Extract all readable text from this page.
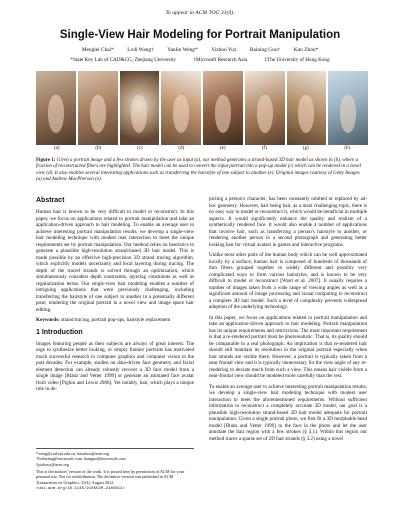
To appear in ACM TOG 31(4).
Single-View Hair Modeling for Portrait Manipulation
Menglei Chai* Lvdi Wang† Yanlin Weng* Yizhou Yu‡ Baining Guo† Kun Zhou*
*State Key Lab of CAD&CG, Zhejiang University	†Microsoft Research Asia	‡The University of Hong Kong
(a)	(b)	(c)	(d)	(e)	(f)	(g)	(h)
Figure 1: Given a portrait image and a few strokes drawn by the user as input (a), our method generates a strand-based 3D hair model as shown in (b), where a fraction of reconstructed fibers are highlighted. The hair model can be used to convert the input portrait into a pop-up model (c) which can be rendered in a novel view (d). It also enables several interesting applications such as transferring the hairstyle of one subject to another (e). Original images courtesy of Getty Images (a) and Andrew MacPherson (e).
Abstract
Human hair is known to be very difficult to model or reconstruct. In this paper, we focus on applications related to portrait manipulation and take an application-driven approach to hair modeling. To enable an average user to achieve interesting portrait manipulation results, we develop a single-view hair modeling technique with modest user interaction to meet the unique requirements set by portrait manipulation. Our method relies on heuristics to generate a plausible high-resolution strand-based 3D hair model. This is made possible by an effective high-precision 2D strand tracing algorithm, which explicitly models uncertainty and local layering during tracing. The depth of the traced strands is solved through an optimization, which simultaneously considers depth constraints, layering constraints as well as regularization terms. Our single-view hair modeling enables a number of intriguing applications that were previously challenging, including transferring the hairstyle of one subject to another in a potentially different pose, rendering the original portrait in a novel view and image space hair editing.
Keywords: strand tracing, portrait pop-ups, hairstyle replacement
1 Introduction
Images featuring people as their subjects are always of great interest. The urge to synthesize better looking, or simply funnier portraits has motivated much successful research in computer graphics and computer vision in the past decades. For example, studies on data-driven face geometry and facial element detection can already robustly recover a 3D face model from a single image [Blanz and Vetter 1999] or generate an animated face avatar from video [Pighin and Lewis 2006]. Yet notably, hair, which plays a unique role in de-
*weng@cad.zju.edu.cn, kunzhou@acm.org
†lvdiwang@microsoft.com, bainguo@microsoft.com
‡yizhouy@acm.org
This is the authors' version of the work. It is posted here by permission of ACM for your personal use. Not for redistribution. The definitive version was published in ACM Transactions on Graphics, 31(4), August 2012. <doi.acm.org/10.1145/2185520.2185612>
picting a person's character, has been constantly omitted or replaced by ad-hoc geometry. However, hair being hair, as a most challenging topic, there is no easy way to model or reconstruct it, which would be beneficial in multiple aspects. It would significantly enhance the quality and realism of a synthetically rendered face. It would also enable a number of applications that involve hair, such as transferring a person's hairstyle to another, or rendering another person in a second photograph and generating better looking hair for virtual avatars in games and interactive programs.
Unlike most other parts of the human body which can be well approximated locally by a surface, human hair is composed of hundreds of thousands of thin fibers grouped together in widely different and possibly very complicated ways to form various hairstyles, and is known to be very difficult to model or reconstruct [Ward et al. 2007]. It usually requires a number of images taken from a wide range of viewing angles as well as a significant amount of image processing and visual computing to reconstruct a complete 3D hair model. Such a level of complexity prevents widespread adoption of the underlying technology.
In this paper, we focus on applications related to portrait manipulation and take an application-driven approach to hair modeling. Portrait manipulation has its unique requirements and restrictions. The most important requirement is that a re-rendered portrait must be photorealistic. That is, its quality should be comparable to a real photograph. An implication is that re-rendered hair should still maintain its resolution in the original portrait especially when hair strands are visible there. However, a portrait is typically taken from a near frontal view and it is typically unnecessary for the view angle of any re-rendering to deviate much from such a view. This means hair visible from a near-frontal view should be modeled more carefully than the rest.
To enable an average user to achieve interesting portrait manipulation results, we develop a single-view hair modeling technique with modest user interaction to meet the aforementioned requirements. Without sufficient information to reconstruct a completely accurate 3D model, our goal is a plausible high-resolution strand-based 3D hair model adequate for portrait manipulation. Given a single portrait photo, we first fit a 3D morphable head model [Blanz and Vetter 1999] to the face in the photo and let the user annotate the hair region with a few strokes (§ 3.1). Within this region our method traces a sparse set of 2D hair strands (§ 3.2) using a novel
